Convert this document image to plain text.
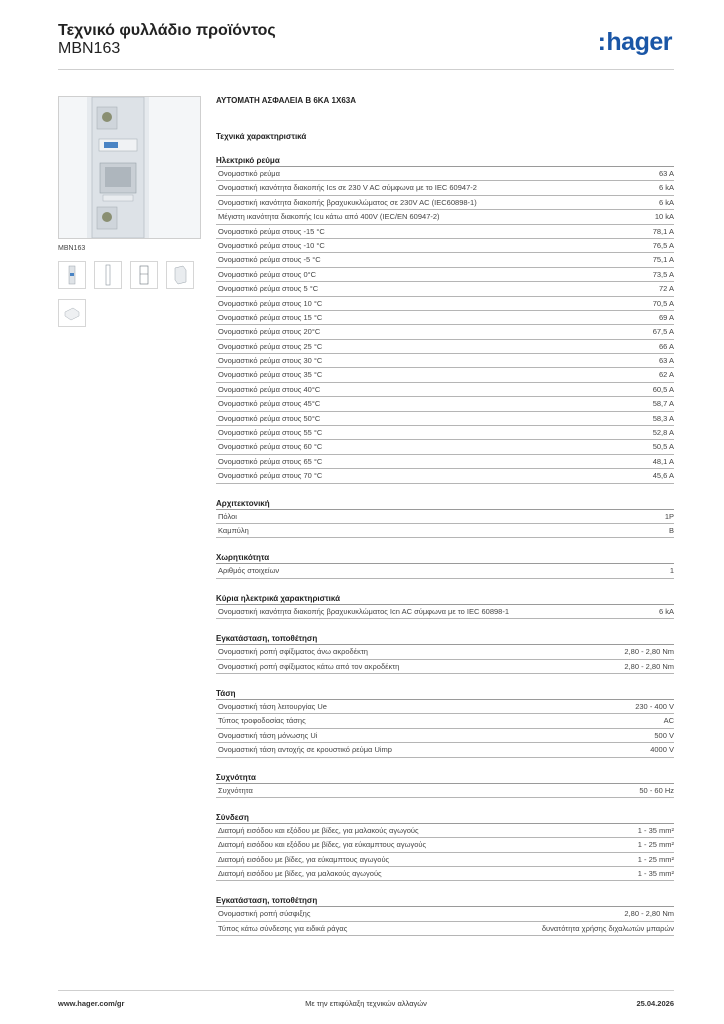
Τεχνικό φυλλάδιο προϊόντος
MBN163	:hager
MBN163
ΑΥΤΟΜΑΤΗ ΑΣΦΑΛΕΙΑ Β 6ΚΑ 1Χ63Α
Τεχνικά χαρακτηριστικά
Ηλεκτρικό ρεύμα
Ονομαστικό ρεύμα	63 A
Ονομαστική ικανότητα διακοπής Ics σε 230 V AC σύμφωνα με το IEC 60947-2	6 kA
Ονομαστική ικανότητα διακοπής βραχυκυκλώματος σε 230V AC (IEC60898-1)	6 kA
Μέγιστη ικανότητα διακοπής Icu κάτω από 400V (IEC/EN 60947-2)	10 kA
Ονομαστικό ρεύμα στους -15 °C	78,1 A
Ονομαστικό ρεύμα στους -10 °C	76,5 A
Ονομαστικό ρεύμα στους -5 °C	75,1 A
Ονομαστικό ρεύμα στους 0°C	73,5 A
Ονομαστικό ρεύμα στους 5 °C	72 A
Ονομαστικό ρεύμα στους 10 °C	70,5 A
Ονομαστικό ρεύμα στους 15 °C	69 A
Ονομαστικό ρεύμα στους 20°C	67,5 A
Ονομαστικό ρεύμα στους 25 °C	66 A
Ονομαστικό ρεύμα στους 30 °C	63 A
Ονομαστικό ρεύμα στους 35 °C	62 A
Ονομαστικό ρεύμα στους 40°C	60,5 A
Ονομαστικό ρεύμα στους 45°C	58,7 A
Ονομαστικό ρεύμα στους 50°C	58,3 A
Ονομαστικό ρεύμα στους 55 °C	52,8 A
Ονομαστικό ρεύμα στους 60 °C	50,5 A
Ονομαστικό ρεύμα στους 65 °C	48,1 A
Ονομαστικό ρεύμα στους 70 °C	45,6 A
Αρχιτεκτονική
Πόλοι	1P
Καμπύλη	B
Χωρητικότητα
Αριθμός στοιχείων	1
Κύρια ηλεκτρικά χαρακτηριστικά
Ονομαστική ικανότητα διακοπής βραχυκυκλώματος Icn AC σύμφωνα με το IEC 60898-1	6 kA
Εγκατάσταση, τοποθέτηση
Ονομαστική ροπή σφίξιματος άνω ακροδέκτη	2,80 - 2,80 Nm
Ονομαστική ροπή σφίξιματος κάτω από τον ακροδέκτη	2,80 - 2,80 Nm
Τάση
Ονομαστική τάση λειτουργίας Ue	230 - 400 V
Τύπος τροφοδοσίας τάσης	AC
Ονομαστική τάση μόνωσης Ui	500 V
Ονομαστική τάση αντοχής σε κρουστικό ρεύμα Uimp	4000 V
Συχνότητα
Συχνότητα	50 - 60 Hz
Σύνδεση
Διατομή εισόδου και εξόδου με βίδες, για μαλακούς αγωγούς	1 - 35 mm²
Διατομή εισόδου και εξόδου με βίδες, για εύκαμπτους αγωγούς	1 - 25 mm²
Διατομή εισόδου με βίδες, για εύκαμπτους αγωγούς	1 - 25 mm²
Διατομή εισόδου με βίδες, για μαλακούς αγωγούς	1 - 35 mm²
Εγκατάσταση, τοποθέτηση
Ονομαστική ροπή σύσφιξης	2,80 - 2,80 Nm
Τύπος κάτω σύνδεσης για ειδικά ράγας	δυνατότητα χρήσης διχαλωτών μπαρών
www.hager.com/gr	Με την επιφύλαξη τεχνικών αλλαγών	25.04.2026
